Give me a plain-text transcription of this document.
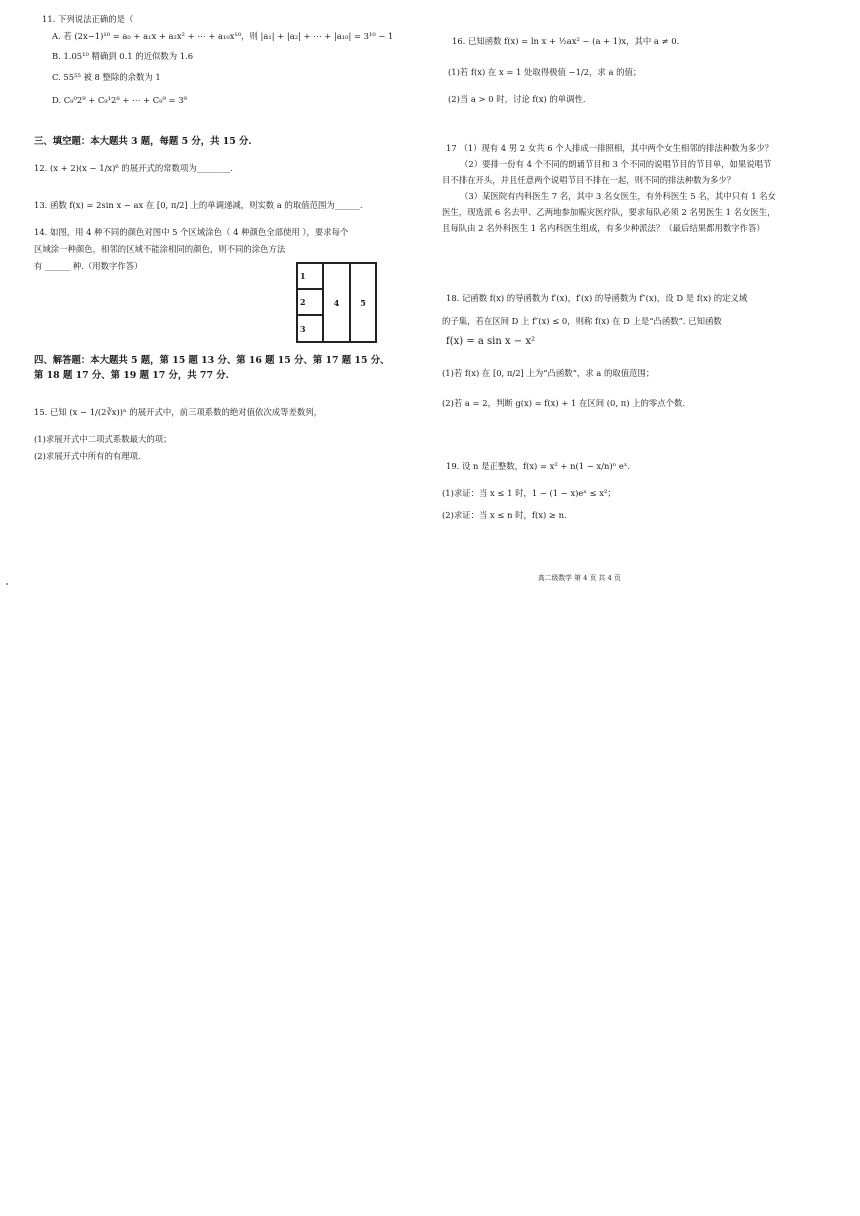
11. 下列说法正确的是（
A. 若 (2x−1)¹⁰ = a₀ + a₁x + a₂x² + ⋯ + a₁₀x¹⁰，则 |a₁| + |a₂| + ⋯ + |a₁₀| = 3¹⁰ − 1
B. 1.05¹⁰ 精确到 0.1 的近似数为 1.6
C. 55⁵⁵ 被 8 整除的余数为 1
D. C₉⁰2⁹ + C₉¹2⁸ + ⋯ + C₉⁹ = 3⁹
三、填空题：本大题共 3 题，每题 5 分，共 15 分.
12. (x + 2)(x − 1/x)⁶ 的展开式的常数项为________.
13. 函数 f(x) = 2sin x − ax 在 [0, π/2] 上的单调递减，则实数 a 的取值范围为______.
14. 如图，用 4 种不同的颜色对图中 5 个区域涂色（ 4 种颜色全部使用 ），要求每个
区域涂一种颜色，相邻的区域不能涂相同的颜色，则不同的涂色方法
有 ______ 种.（用数字作答）
1
2
3
4	5
四、解答题：本大题共 5 题，第 15 题 13 分、第 16 题 15 分、第 17 题 15 分、
第 18 题 17 分、第 19 题 17 分，共 77 分.
15. 已知 (x − 1/(2∛x))ⁿ 的展开式中，前三项系数的绝对值依次成等差数列，
(1)求展开式中二项式系数最大的项；
(2)求展开式中所有的有理项.
16. 已知函数 f(x) = ln x + ½ax² − (a + 1)x，其中 a ≠ 0.
(1)若 f(x) 在 x = 1 处取得极值 −1/2，求 a 的值；
(2)当 a > 0 时，讨论 f(x) 的单调性.
17 （1）现有 4 男 2 女共 6 个人排成一排照相，其中两个女生相邻的排法种数为多少？
（2）要排一份有 4 个不同的朗诵节目和 3 个不同的说唱节目的节目单，如果说唱节
目不排在开头，并且任意两个说唱节目不排在一起，则不同的排法种数为多少？
（3）某医院有内科医生 7 名，其中 3 名女医生，有外科医生 5 名，其中只有 1 名女
医生，现选派 6 名去甲、乙两地参加赈灾医疗队，要求每队必须 2 名男医生 1 名女医生，
且每队由 2 名外科医生 1 名内科医生组成，有多少种派法？（最后结果都用数字作答）
18. 记函数 f(x) 的导函数为 f′(x)，f′(x) 的导函数为 f″(x)，设 D 是 f(x) 的定义域
的子集，若在区间 D 上 f″(x) ≤ 0，则称 f(x) 在 D 上是“凸函数”. 已知函数
f(x) = a sin x − x²
(1)若 f(x) 在 [0, π/2] 上为“凸函数”，求 a 的取值范围；
(2)若 a = 2，判断 g(x) = f(x) + 1 在区间 (0, π) 上的零点个数.
19. 设 n 是正整数，f(x) = x² + n(1 − x/n)ⁿ eˣ.
(1)求证：当 x ≤ 1 时，1 − (1 − x)eˣ ≤ x²；
(2)求证：当 x ≤ n 时，f(x) ≥ n.
高二级数学 第 4 页 共 4 页
